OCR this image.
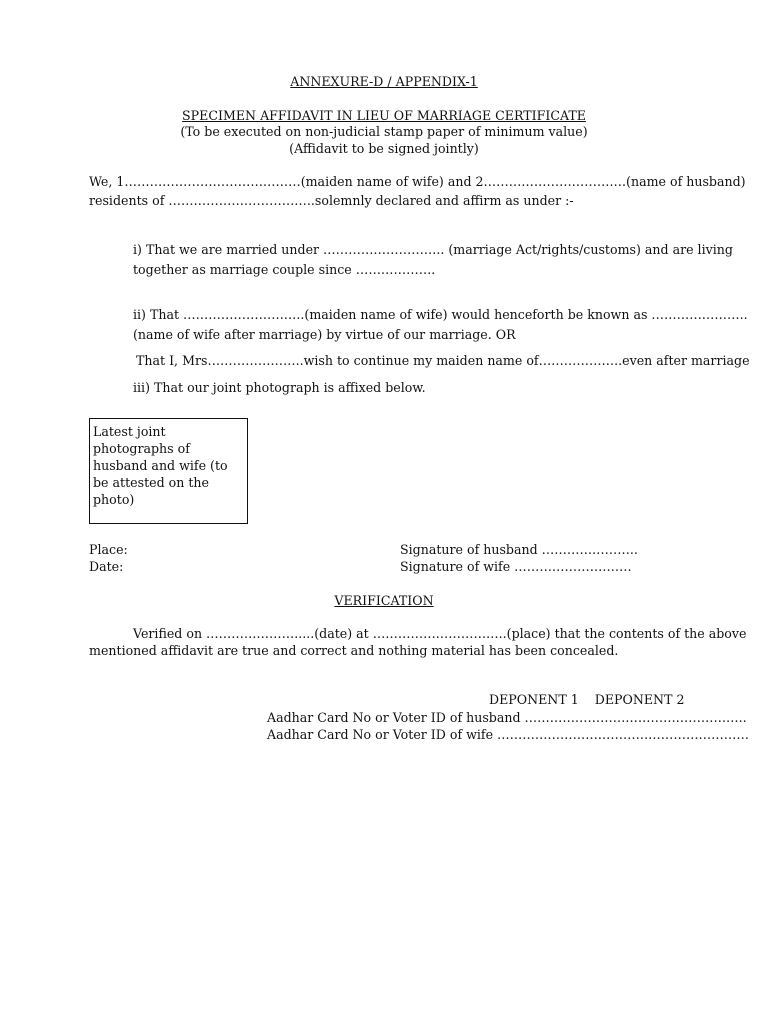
ANNEXURE-D / APPENDIX-1
SPECIMEN AFFIDAVIT IN LIEU OF MARRIAGE CERTIFICATE
(To be executed on non-judicial stamp paper of minimum value)
(Affidavit to be signed jointly)
We, 1……………………………………(maiden name of wife) and 2………………………….…(name of husband)
residents of ……………………………..solemnly declared and affirm as under :-
i) That we are married under ……………………….. (marriage Act/rights/customs) and are living
together as marriage couple since ……………….
ii) That ………………………..(maiden name of wife) would henceforth be known as …………………..
(name of wife after marriage) by virtue of our marriage. OR
That I, Mrs…………………..wish to continue my maiden name of………………..even after marriage
iii) That our joint photograph is affixed below.
Latest joint photographs of husband and wife (to be attested on the photo)
Place:
Date:
Signature of husband …………………..
Signature of wife ……………………….
VERIFICATION
Verified on ………………….....(date) at …………………………..(place) that the contents of the above
mentioned affidavit are true and correct and nothing material has been concealed.
DEPONENT 1    DEPONENT 2
Aadhar Card No or Voter ID of husband ……………………………………………..
Aadhar Card No or Voter ID of wife ……………………………………………………
